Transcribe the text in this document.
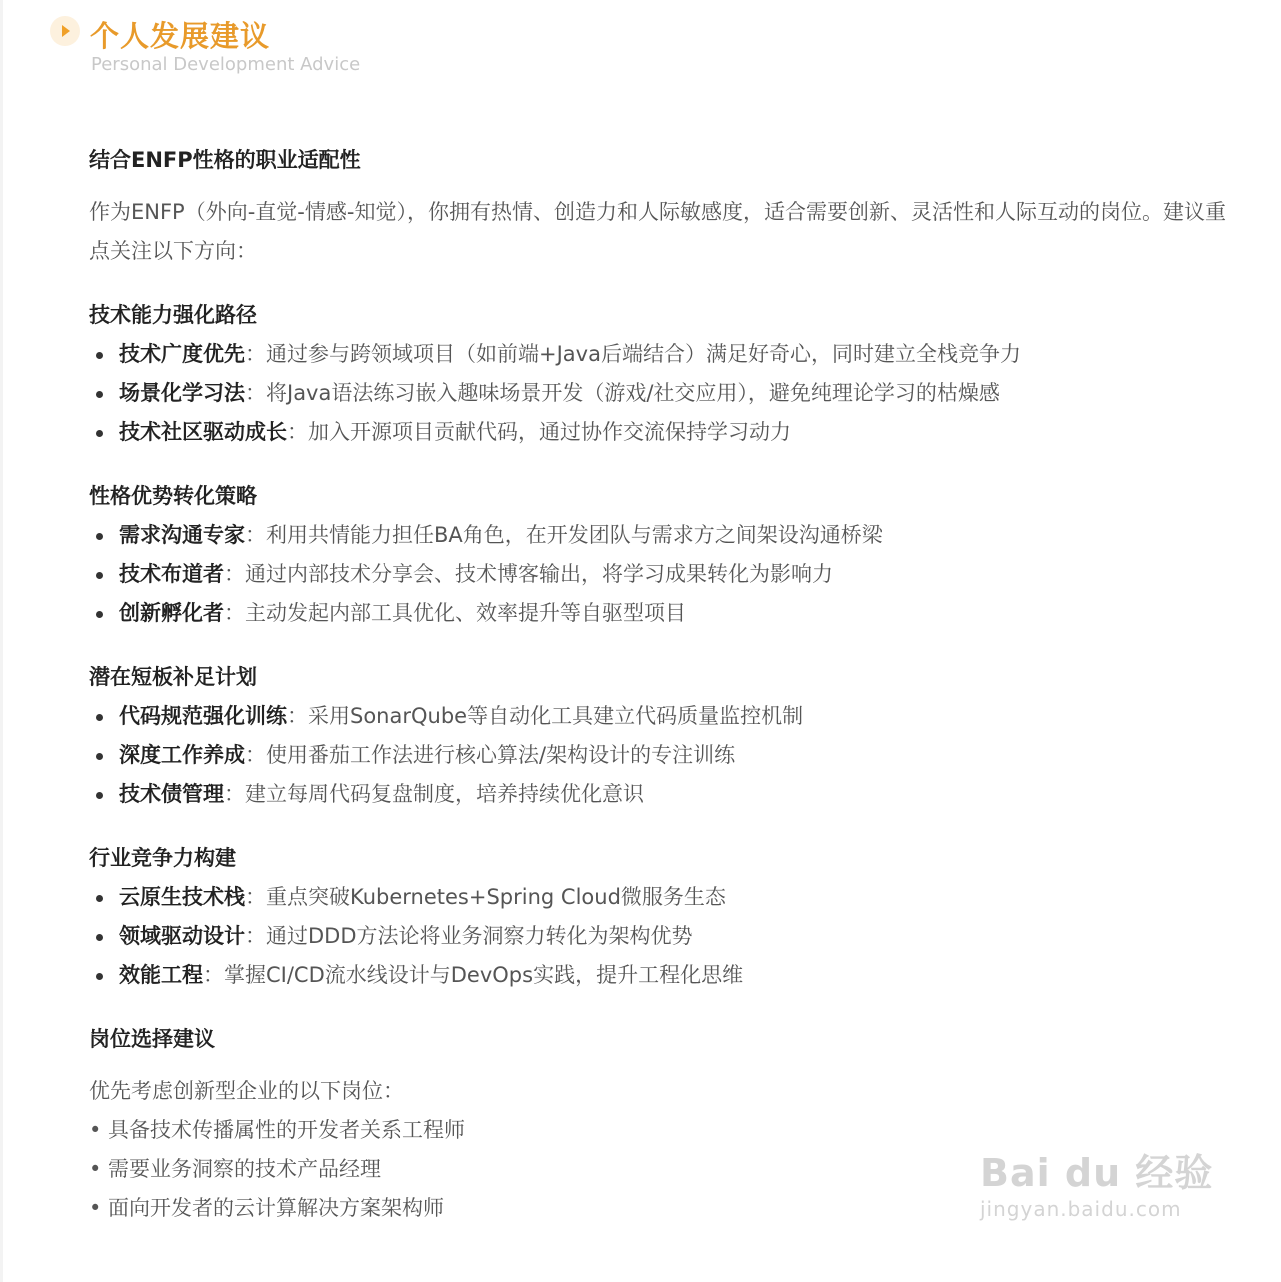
个人发展建议
Personal Development Advice
结合ENFP性格的职业适配性

作为ENFP（外向-直觉-情感-知觉），你拥有热情、创造力和人际敏感度，适合需要创新、灵活性和人际互动的岗位。建议重点关注以下方向：

技术能力强化路径
技术广度优先：通过参与跨领域项目（如前端+Java后端结合）满足好奇心，同时建立全栈竞争力
场景化学习法：将Java语法练习嵌入趣味场景开发（游戏/社交应用），避免纯理论学习的枯燥感
技术社区驱动成长：加入开源项目贡献代码，通过协作交流保持学习动力
性格优势转化策略
需求沟通专家：利用共情能力担任BA角色，在开发团队与需求方之间架设沟通桥梁
技术布道者：通过内部技术分享会、技术博客输出，将学习成果转化为影响力
创新孵化者：主动发起内部工具优化、效率提升等自驱型项目
潜在短板补足计划
代码规范强化训练：采用SonarQube等自动化工具建立代码质量监控机制
深度工作养成：使用番茄工作法进行核心算法/架构设计的专注训练
技术债管理：建立每周代码复盘制度，培养持续优化意识
行业竞争力构建
云原生技术栈：重点突破Kubernetes+Spring Cloud微服务生态
领域驱动设计：通过DDD方法论将业务洞察力转化为架构优势
效能工程：掌握CI/CD流水线设计与DevOps实践，提升工程化思维
岗位选择建议

优先考虑创新型企业的以下岗位：

• 具备技术传播属性的开发者关系工程师
• 需要业务洞察的技术产品经理
• 面向开发者的云计算解决方案架构师
Bai du 经验
jingyan.baidu.com
